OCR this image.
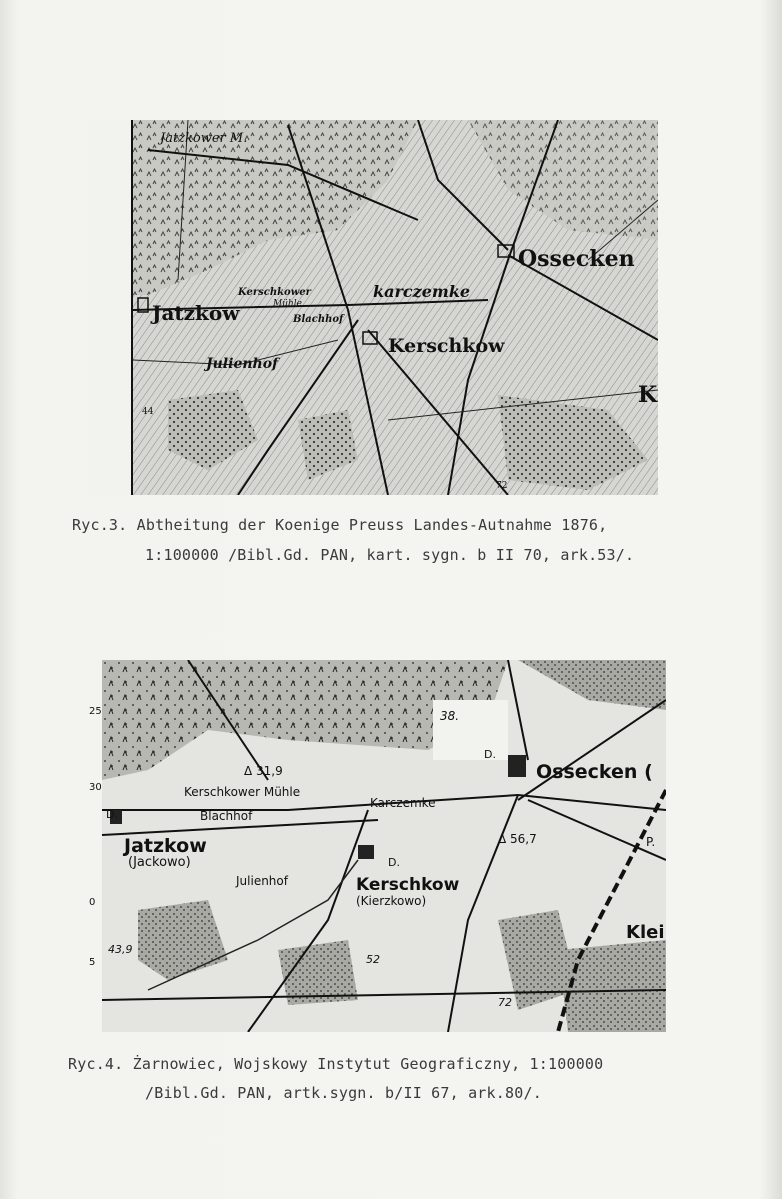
Jatzkower M.
Ossecken
Kerschkower
Mühle
karczemke
Jatzkow	Blachhof
Kerschkow
Julienhof
K
44
72
Ryc.3. Abtheitung der Koenige Preuss Landes-Autnahme 1876,
1:100000 /Bibl.Gd. PAN, kart. sygn. b II 70, ark.53/.
38.
Ossecken (
D.
Δ 31,9
Kerschkower Mühle
Karczemke
D.	Blachhof
Jatzkow
(Jackowo)
Δ 56,7	P.
D.
Julienhof	Kerschkow
(Kierzkowo)
Klei
43,9
52
72
25
30
0
5
Ryc.4. Żarnowiec, Wojskowy Instytut Geograficzny, 1:100000
/Bibl.Gd. PAN, artk.sygn. b/II 67, ark.80/.
